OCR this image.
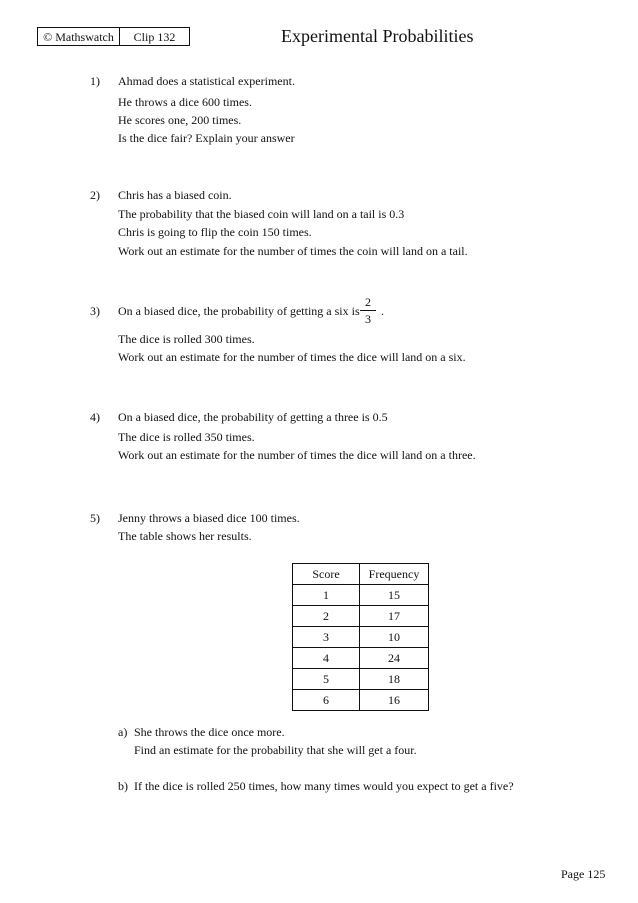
© Mathswatch	Clip 132	Experimental Probabilities
1) Ahmad does a statistical experiment.
He throws a dice 600 times.
He scores one, 200 times.
Is the dice fair? Explain your answer
2) Chris has a biased coin.
The probability that the biased coin will land on a tail is 0.3
Chris is going to flip the coin 150 times.
Work out an estimate for the number of times the coin will land on a tail.
3) On a biased dice, the probability of getting a six is
2
3
.
The dice is rolled 300 times.
Work out an estimate for the number of times the dice will land on a six.
4) On a biased dice, the probability of getting a three is 0.5
The dice is rolled 350 times.
Work out an estimate for the number of times the dice will land on a three.
5) Jenny throws a biased dice 100 times.
The table shows her results.
Score	Frequency
1	15
2	17
3	10
4	24
5	18
6	16
a) She throws the dice once more.
Find an estimate for the probability that she will get a four.
b) If the dice is rolled 250 times, how many times would you expect to get a five?
Page 125
